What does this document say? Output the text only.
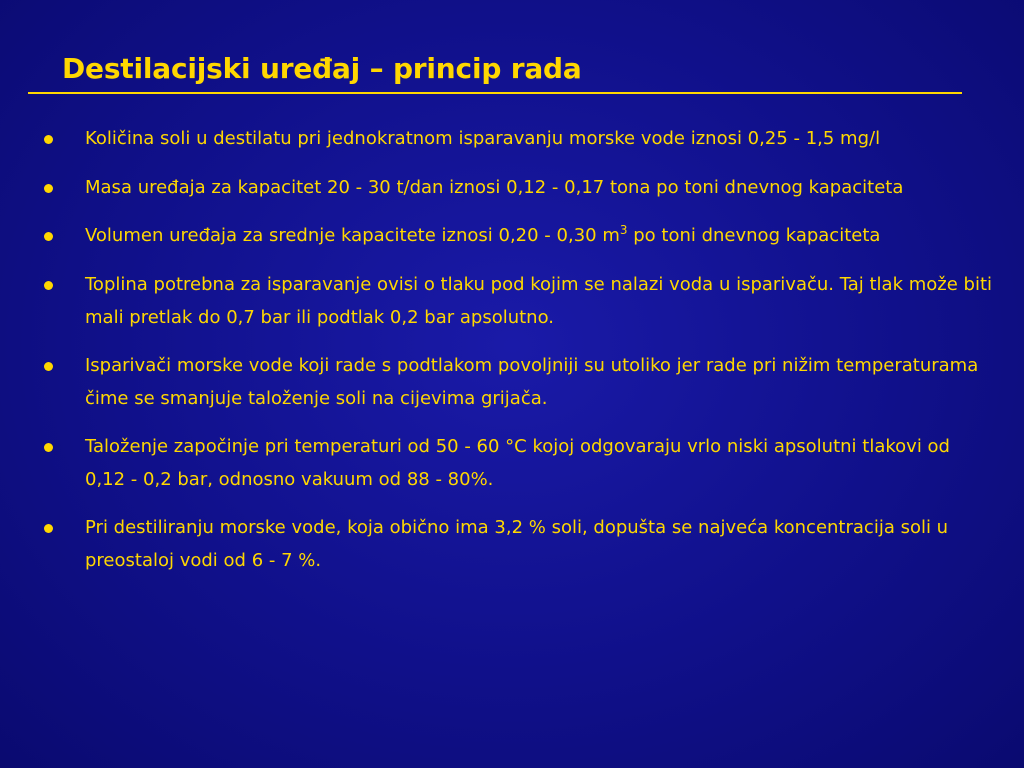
Destilacijski uređaj – princip rada
Količina soli u destilatu pri jednokratnom isparavanju morske vode iznosi 0,25 - 1,5 mg/l
Masa uređaja za kapacitet 20 - 30 t/dan iznosi 0,12 - 0,17 tona po toni dnevnog kapaciteta
Volumen uređaja za srednje kapacitete iznosi 0,20 - 0,30 $m^3$ po toni dnevnog kapaciteta
Toplina potrebna za isparavanje ovisi o tlaku pod kojim se nalazi voda u isparivaču. Taj tlak može biti mali pretlak do 0,7 bar ili podtlak 0,2 bar apsolutno.
Isparivači morske vode koji rade s podtlakom povoljniji su utoliko jer rade pri nižim temperaturama čime se smanjuje taloženje soli na cijevima grijača.
Taloženje započinje pri temperaturi od 50 - 60 °C kojoj odgovaraju vrlo niski apsolutni tlakovi od 0,12 - 0,2 bar, odnosno vakuum od 88 - 80%.
Pri destiliranju morske vode, koja obično ima 3,2 % soli, dopušta se najveća koncentracija soli u preostaloj vodi od 6 - 7 %.
